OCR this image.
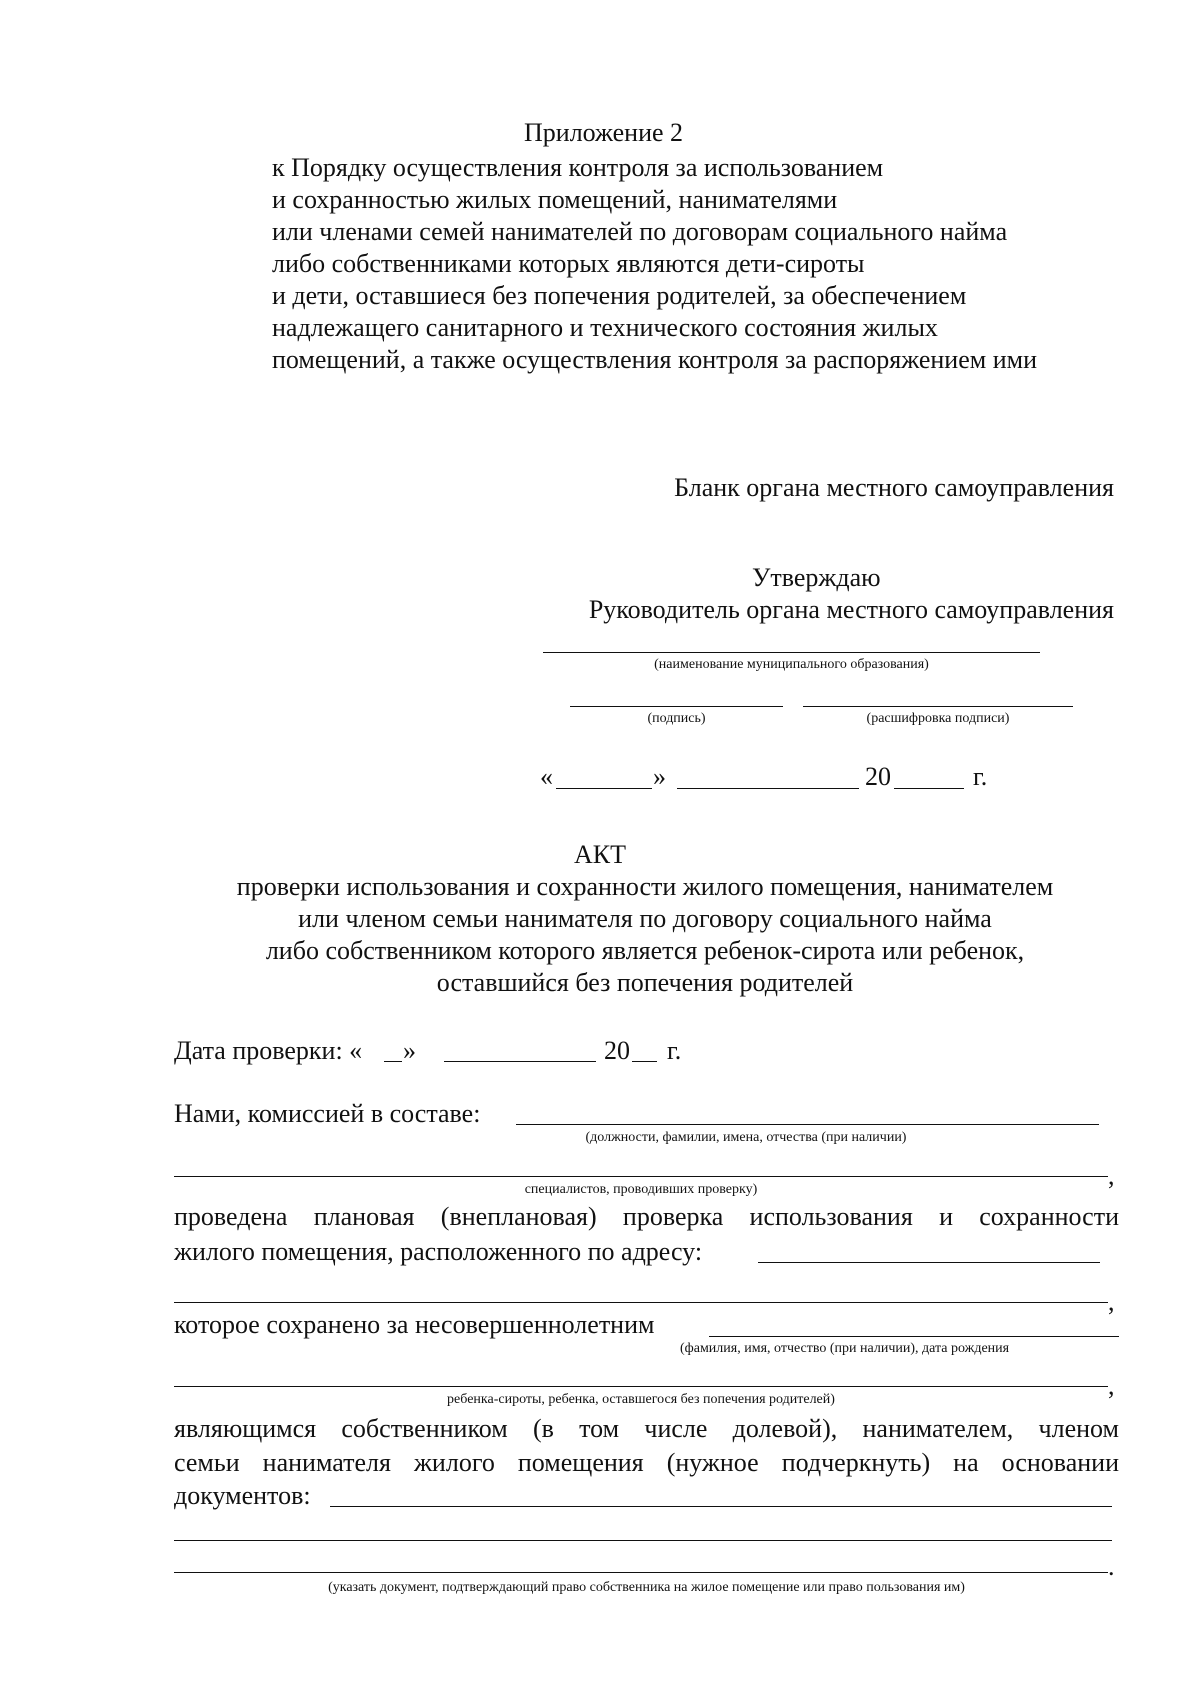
Приложение 2
к Порядку осуществления контроля за использованием
и сохранностью жилых помещений, нанимателями
или членами семей нанимателей по договорам социального найма
либо собственниками которых являются дети-сироты
и дети, оставшиеся без попечения родителей, за обеспечением
надлежащего санитарного и технического состояния жилых
помещений, а также осуществления контроля за распоряжением ими
Бланк органа местного самоуправления
Утверждаю
Руководитель органа местного самоуправления
(наименование муниципального образования)
(подпись)	(расшифровка подписи)
«	»	20	г.
АКТ
проверки использования и сохранности жилого помещения, нанимателем
или членом семьи нанимателя по договору социального найма
либо собственником которого является ребенок-сирота или ребенок,
оставшийся без попечения родителей
Дата проверки: « »	20 г.
Нами, комиссией в составе:
(должности, фамилии, имена, отчества (при наличии)
,
специалистов, проводивших проверку)
проведена плановая (внеплановая) проверка использования и сохранности
жилого помещения, расположенного по адресу:
,
которое сохранено за несовершеннолетним
(фамилия, имя, отчество (при наличии), дата рождения
,
ребенка-сироты, ребенка, оставшегося без попечения родителей)
являющимся собственником (в том числе долевой), нанимателем, членом
семьи нанимателя жилого помещения (нужное подчеркнуть) на основании
документов:
.
(указать документ, подтверждающий право собственника на жилое помещение или право пользования им)
